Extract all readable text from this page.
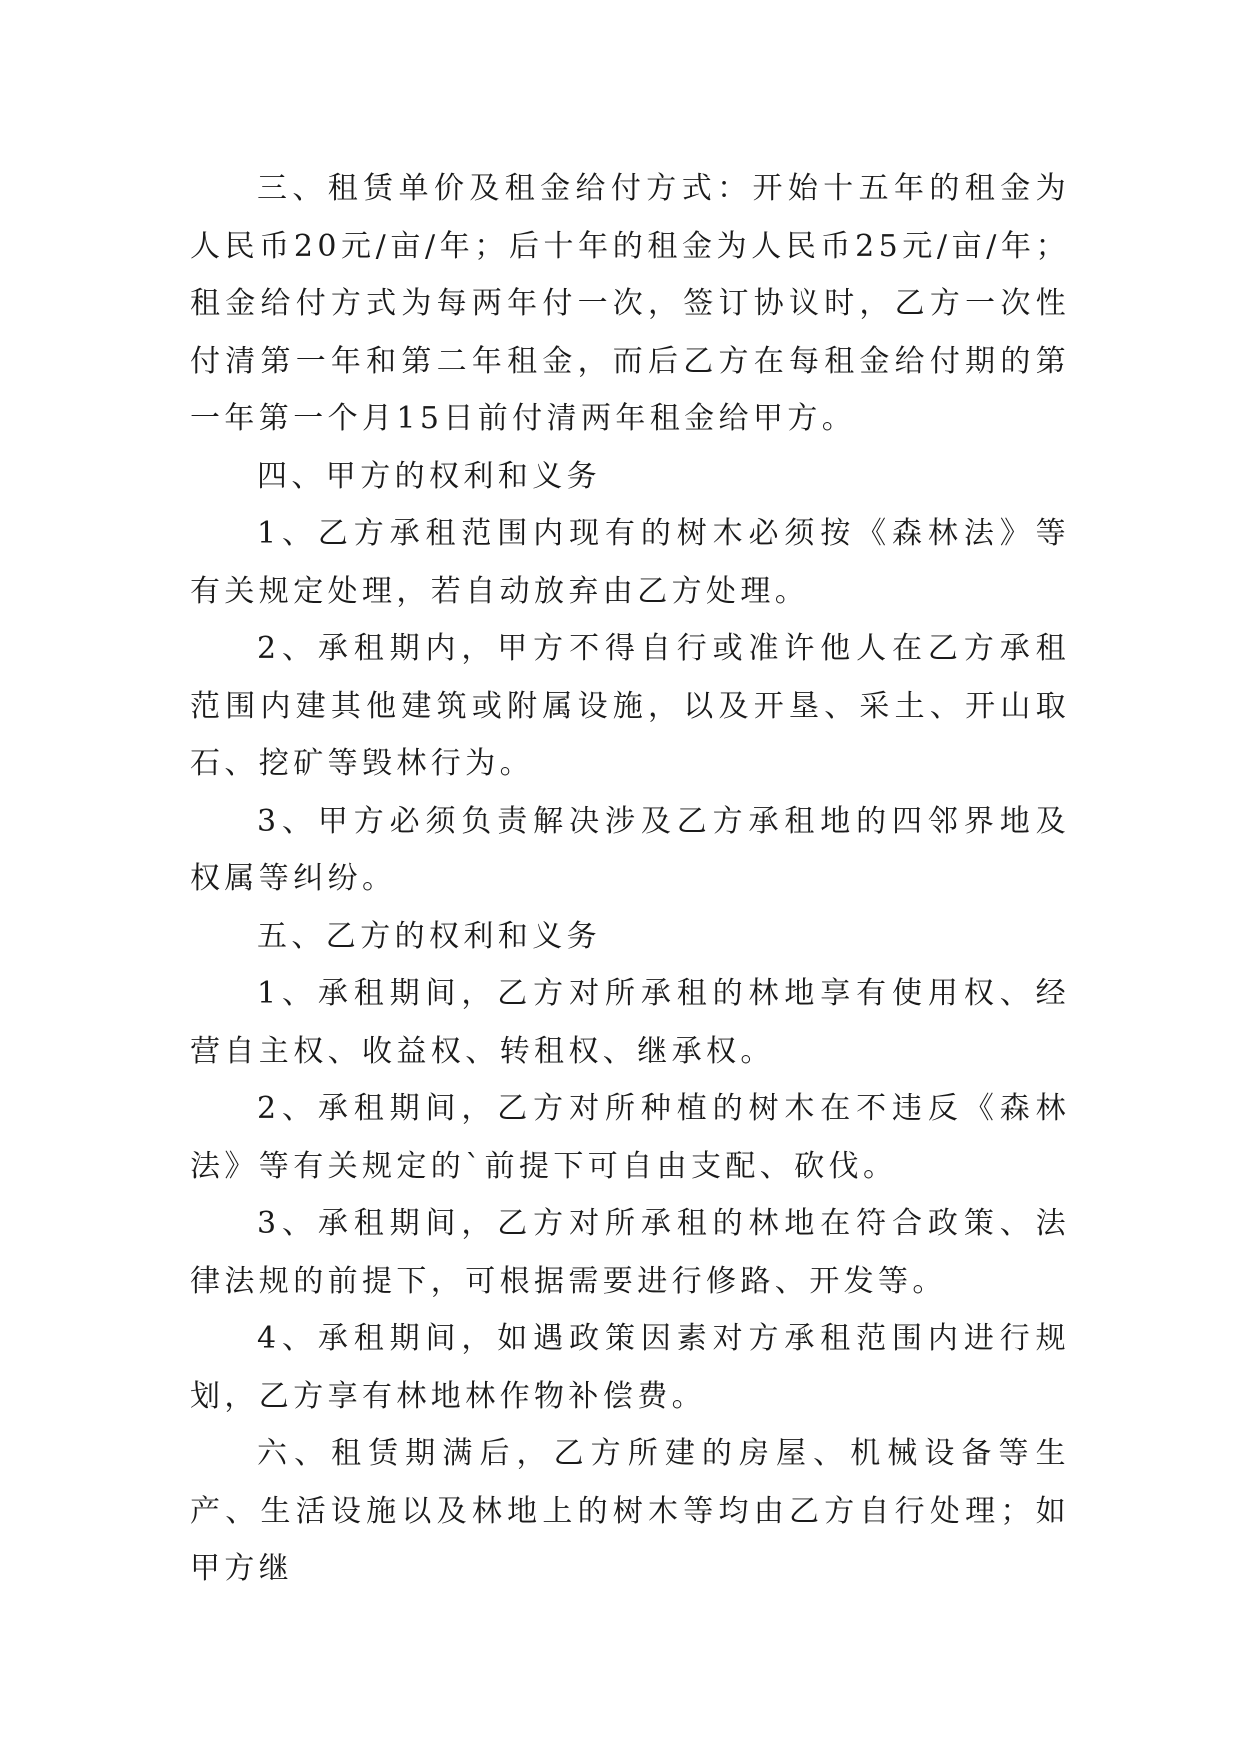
三、租赁单价及租金给付方式：开始十五年的租金为人民币20元/亩/年；后十年的租金为人民币25元/亩/年；租金给付方式为每两年付一次，签订协议时，乙方一次性付清第一年和第二年租金，而后乙方在每租金给付期的第一年第一个月15日前付清两年租金给甲方。

四、甲方的权利和义务

1、乙方承租范围内现有的树木必须按《森林法》等有关规定处理，若自动放弃由乙方处理。

2、承租期内，甲方不得自行或准许他人在乙方承租范围内建其他建筑或附属设施，以及开垦、采土、开山取石、挖矿等毁林行为。

3、甲方必须负责解决涉及乙方承租地的四邻界地及权属等纠纷。

五、乙方的权利和义务

1、承租期间，乙方对所承租的林地享有使用权、经营自主权、收益权、转租权、继承权。

2、承租期间，乙方对所种植的树木在不违反《森林法》等有关规定的`前提下可自由支配、砍伐。

3、承租期间，乙方对所承租的林地在符合政策、法律法规的前提下，可根据需要进行修路、开发等。

4、承租期间，如遇政策因素对方承租范围内进行规划，乙方享有林地林作物补偿费。

六、租赁期满后，乙方所建的房屋、机械设备等生产、生活设施以及林地上的树木等均由乙方自行处理；如甲方继
